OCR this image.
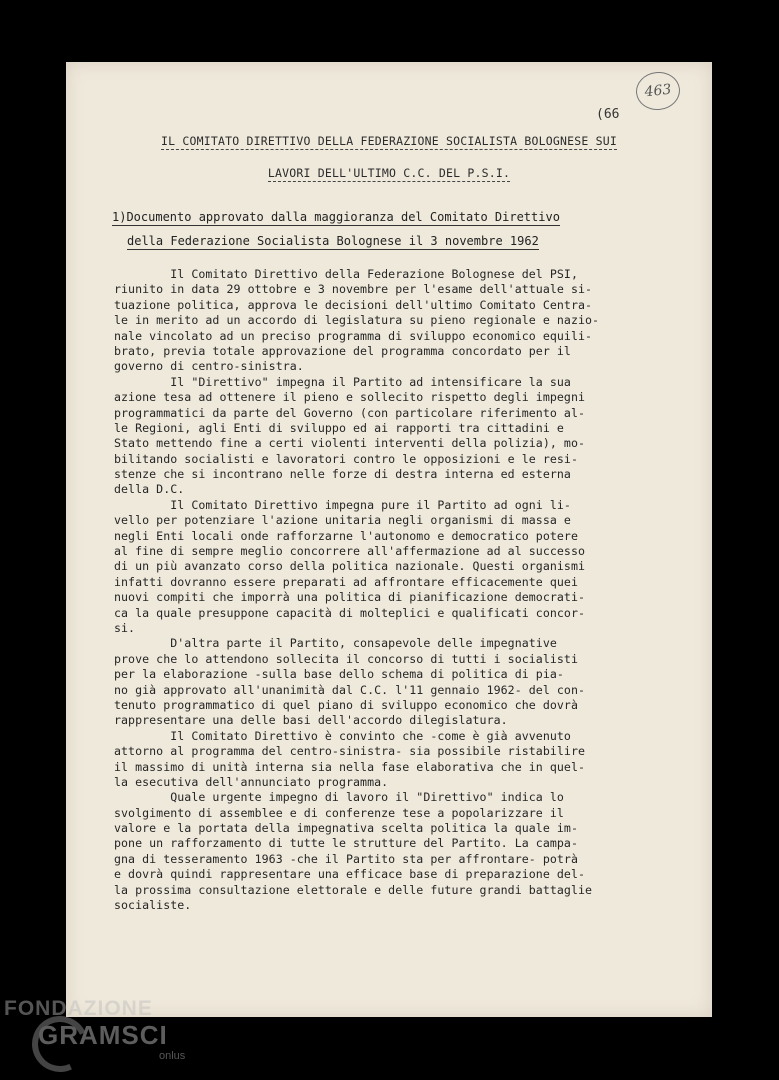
463
(66
IL COMITATO DIRETTIVO DELLA FEDERAZIONE SOCIALISTA BOLOGNESE SUI
LAVORI DELL'ULTIMO C.C. DEL P.S.I.
1)Documento approvato dalla maggioranza del Comitato Direttivo
della Federazione Socialista Bolognese il 3 novembre 1962
Il Comitato Direttivo della Federazione Bolognese del PSI,
riunito in data 29 ottobre e 3 novembre per l'esame dell'attuale si-
tuazione politica, approva le decisioni dell'ultimo Comitato Centra-
le in merito ad un accordo di legislatura su pieno regionale e nazio-
nale vincolato ad un preciso programma di sviluppo economico equili-
brato, previa totale approvazione del programma concordato per il
governo di centro-sinistra.
Il "Direttivo" impegna il Partito ad intensificare la sua
azione tesa ad ottenere il pieno e sollecito rispetto degli impegni
programmatici da parte del Governo (con particolare riferimento al-
le Regioni, agli Enti di sviluppo ed ai rapporti tra cittadini e
Stato mettendo fine a certi violenti interventi della polizia), mo-
bilitando socialisti e lavoratori contro le opposizioni e le resi-
stenze che si incontrano nelle forze di destra interna ed esterna
della D.C.
Il Comitato Direttivo impegna pure il Partito ad ogni li-
vello per potenziare l'azione unitaria negli organismi di massa e
negli Enti locali onde rafforzarne l'autonomo e democratico potere
al fine di sempre meglio concorrere all'affermazione ad al successo
di un più avanzato corso della politica nazionale. Questi organismi
infatti dovranno essere preparati ad affrontare efficacemente quei
nuovi compiti che imporrà una politica di pianificazione democrati-
ca la quale presuppone capacità di molteplici e qualificati concor-
si.
D'altra parte il Partito, consapevole delle impegnative
prove che lo attendono sollecita il concorso di tutti i socialisti
per la elaborazione -sulla base dello schema di politica di pia-
no già approvato all'unanimità dal C.C. l'11 gennaio 1962- del con-
tenuto programmatico di quel piano di sviluppo economico che dovrà
rappresentare una delle basi dell'accordo dilegislatura.
Il Comitato Direttivo è convinto che -come è già avvenuto
attorno al programma del centro-sinistra- sia possibile ristabilire
il massimo di unità interna sia nella fase elaborativa che in quel-
la esecutiva dell'annunciato programma.
Quale urgente impegno di lavoro il "Direttivo" indica lo
svolgimento di assemblee e di conferenze tese a popolarizzare il
valore e la portata della impegnativa scelta politica la quale im-
pone un rafforzamento di tutte le strutture del Partito. La campa-
gna di tesseramento 1963 -che il Partito sta per affrontare- potrà
e dovrà quindi rappresentare una efficace base di preparazione del-
la prossima consultazione elettorale e delle future grandi battaglie
socialiste.
FONDAZIONE
GRAMSCI
onlus
